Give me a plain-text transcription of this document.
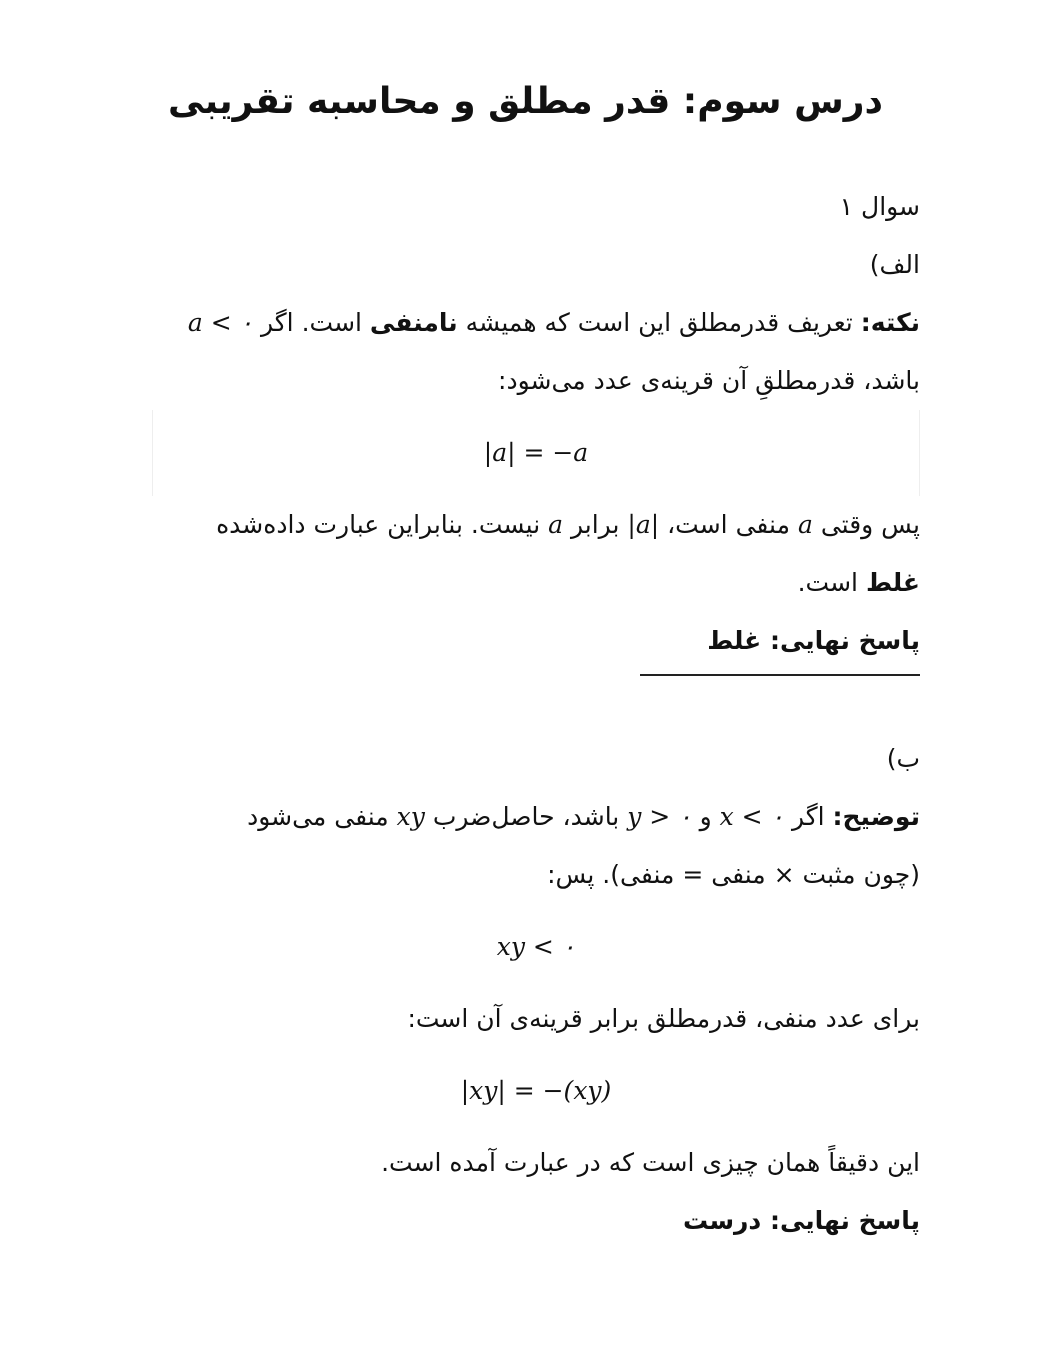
درس سوم: قدر مطلق و محاسبه تقریبی
سوال ۱
الف)
نکته: تعریف قدرمطلق این است که همیشه نامنفی است. اگر a < ۰
باشد، قدرمطلقِ آن قرینه‌ی عدد می‌شود:
|a| = −a
پس وقتی a منفی است، |a| برابر a نیست. بنابراین عبارت داده‌شده
غلط است.
پاسخ نهایی: غلط
ب)
توضیح: اگر x < ۰ و y > ۰ باشد، حاصل‌ضرب xy منفی می‌شود
(چون مثبت × منفی = منفی). پس:
xy < ۰
برای عدد منفی، قدرمطلق برابر قرینه‌ی آن است:
|xy| = −(xy)
این دقیقاً همان چیزی است که در عبارت آمده است.
پاسخ نهایی: درست
